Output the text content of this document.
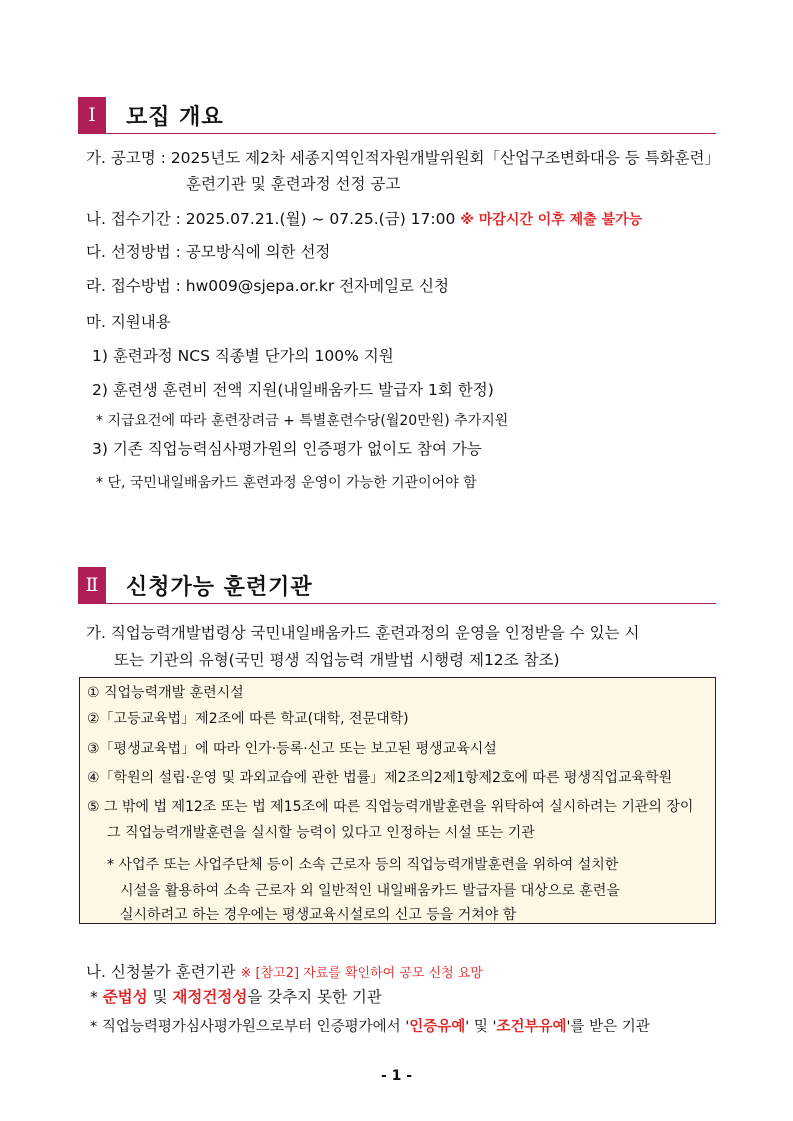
Ⅰ	모집 개요
가. 공고명 : 2025년도 제2차 세종지역인적자원개발위원회「산업구조변화대응 등 특화훈련」
훈련기관 및 훈련과정 선정 공고
나. 접수기간 : 2025.07.21.(월) ~ 07.25.(금) 17:00 ※ 마감시간 이후 제출 불가능
다. 선정방법 : 공모방식에 의한 선정
라. 접수방법 : hw009@sjepa.or.kr 전자메일로 신청
마. 지원내용
1) 훈련과정 NCS 직종별 단가의 100% 지원
2) 훈련생 훈련비 전액 지원(내일배움카드 발급자 1회 한정)
* 지급요건에 따라 훈련장려금 + 특별훈련수당(월20만원) 추가지원
3) 기존 직업능력심사평가원의 인증평가 없이도 참여 가능
* 단, 국민내일배움카드 훈련과정 운영이 가능한 기관이어야 함
Ⅱ	신청가능 훈련기관
가. 직업능력개발법령상 국민내일배움카드 훈련과정의 운영을 인정받을 수 있는 시
또는 기관의 유형(국민 평생 직업능력 개발법 시행령 제12조 참조)
① 직업능력개발 훈련시설
②「고등교육법」제2조에 따른 학교(대학, 전문대학)
③「평생교육법」에 따라 인가·등록·신고 또는 보고된 평생교육시설
④「학원의 설립·운영 및 과외교습에 관한 법률」제2조의2제1항제2호에 따른 평생직업교육학원
⑤ 그 밖에 법 제12조 또는 법 제15조에 따른 직업능력개발훈련을 위탁하여 실시하려는 기관의 장이
그 직업능력개발훈련을 실시할 능력이 있다고 인정하는 시설 또는 기관
* 사업주 또는 사업주단체 등이 소속 근로자 등의 직업능력개발훈련을 위하여 설치한
시설을 활용하여 소속 근로자 외 일반적인 내일배움카드 발급자를 대상으로 훈련을
실시하려고 하는 경우에는 평생교육시설로의 신고 등을 거쳐야 함
나. 신청불가 훈련기관 ※ [참고2] 자료를 확인하여 공모 신청 요망
* 준법성 및 재정건정성을 갖추지 못한 기관
* 직업능력평가심사평가원으로부터 인증평가에서 '인증유예' 및 '조건부유예'를 받은 기관
- 1 -
